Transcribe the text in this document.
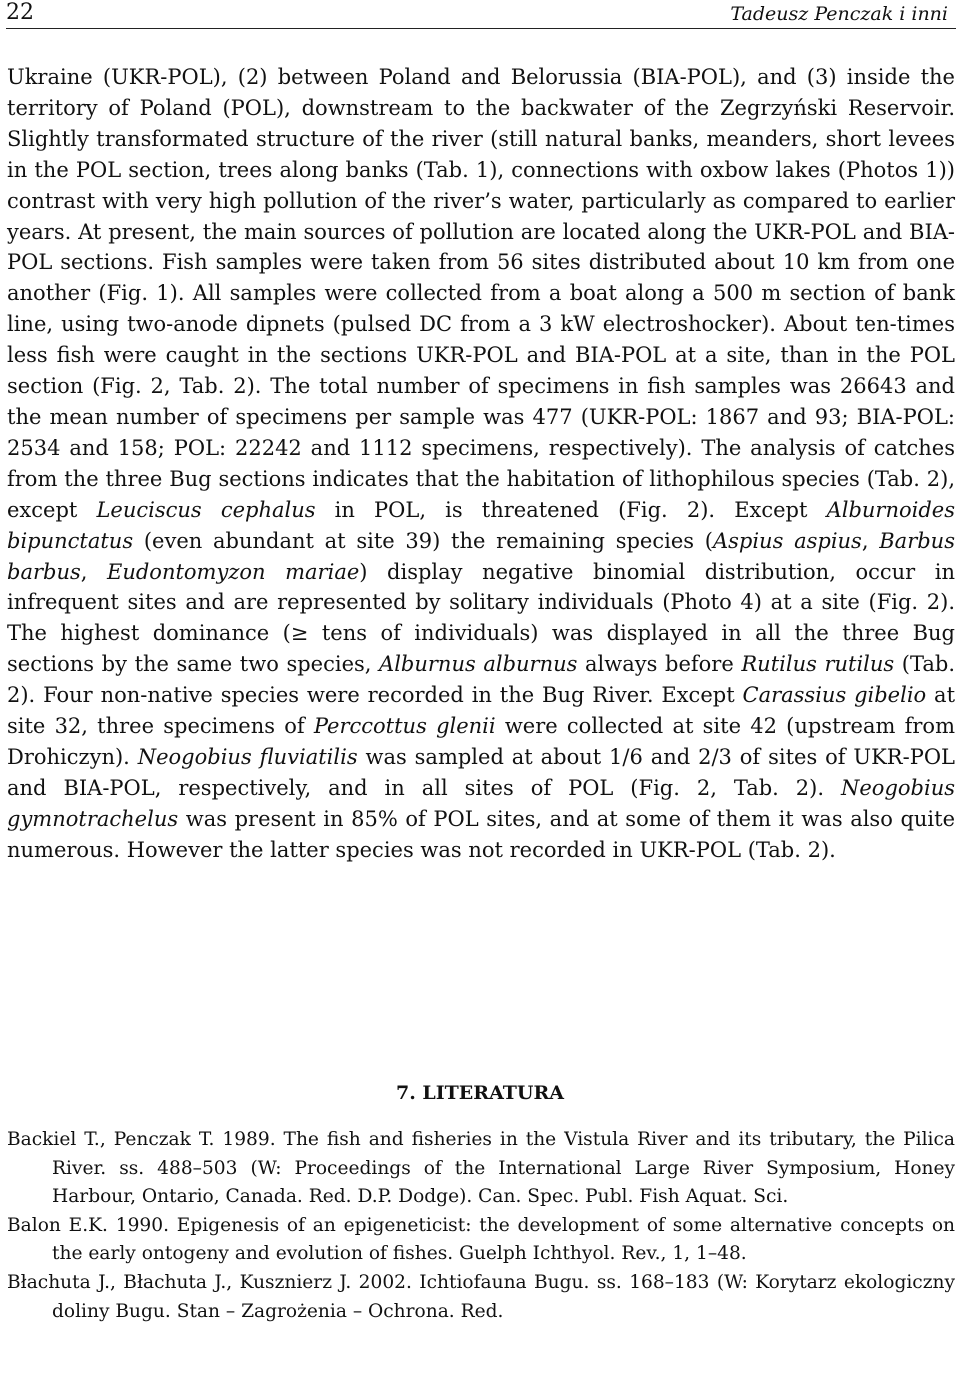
22	Tadeusz Penczak i inni

Ukraine (UKR-POL), (2) between Poland and Belorussia (BIA-POL), and (3) inside the territory of Poland (POL), downstream to the backwater of the Zegrzyński Reservoir. Slightly transformated structure of the river (still natural banks, meanders, short levees in the POL section, trees along banks (Tab. 1), connections with oxbow lakes (Photos 1)) contrast with very high pollution of the river’s water, particularly as compared to earlier years. At present, the main sources of pollution are located along the UKR-POL and BIA-POL sections. Fish samples were taken from 56 sites distributed about 10 km from one another (Fig. 1). All samples were collected from a boat along a 500 m section of bank line, using two-anode dipnets (pulsed DC from a 3 kW electroshocker). About ten-times less fish were caught in the sections UKR-POL and BIA-POL at a site, than in the POL section (Fig. 2, Tab. 2). The total number of specimens in fish samples was 26643 and the mean number of specimens per sample was 477 (UKR-POL: 1867 and 93; BIA-POL: 2534 and 158; POL: 22242 and 1112 specimens, respectively). The analysis of catches from the three Bug sections indicates that the habitation of lithophilous species (Tab. 2), except Leuciscus cephalus in POL, is threatened (Fig. 2). Except Alburnoides bipunctatus (even abundant at site 39) the remaining species (Aspius aspius, Barbus barbus, Eudontomyzon mariae) display negative binomial distribution, occur in infrequent sites and are represented by solitary individuals (Photo 4) at a site (Fig. 2). The highest dominance (≥ tens of individuals) was displayed in all the three Bug sections by the same two species, Alburnus alburnus always before Rutilus rutilus (Tab. 2). Four non-native species were recorded in the Bug River. Except Carassius gibelio at site 32, three specimens of Perccottus glenii were collected at site 42 (upstream from Drohiczyn). Neogobius fluviatilis was sampled at about 1/6 and 2/3 of sites of UKR-POL and BIA-POL, respectively, and in all sites of POL (Fig. 2, Tab. 2). Neogobius gymnotrachelus was present in 85% of POL sites, and at some of them it was also quite numerous. However the latter species was not recorded in UKR-POL (Tab. 2).

7. LITERATURA
Backiel T., Penczak T. 1989. The fish and fisheries in the Vistula River and its tributary, the Pilica River. ss. 488–503 (W: Proceedings of the International Large River Symposium, Honey Harbour, Ontario, Canada. Red. D.P. Dodge). Can. Spec. Publ. Fish Aquat. Sci.
Balon E.K. 1990. Epigenesis of an epigeneticist: the development of some alternative concepts on the early ontogeny and evolution of fishes. Guelph Ichthyol. Rev., 1, 1–48.
Błachuta J., Błachuta J., Kusznierz J. 2002. Ichtiofauna Bugu. ss. 168–183 (W: Korytarz ekologiczny doliny Bugu. Stan – Zagrożenia – Ochrona. Red.
